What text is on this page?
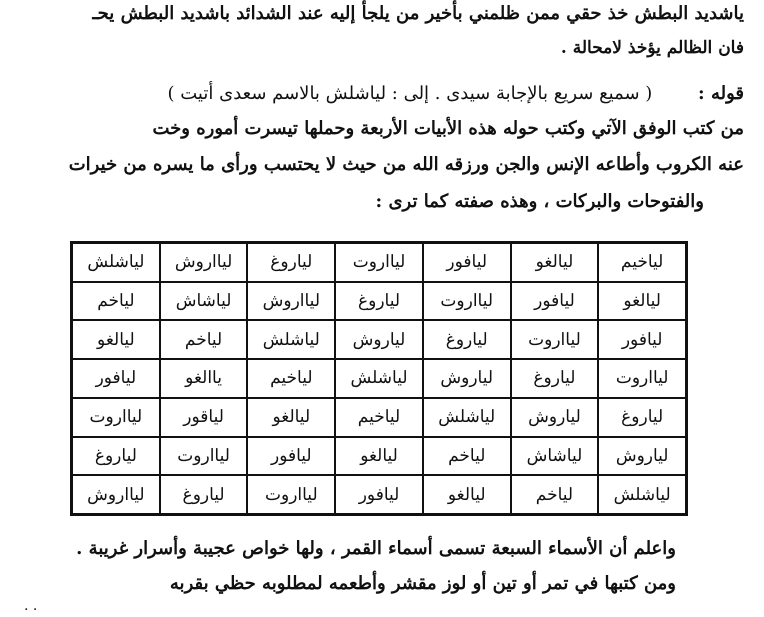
ياشديد البطش خذ حقي ممن ظلمني بأخير من يلجأ إليه عند الشدائد باشديد البطش يحـ
فان الظالم يؤخذ لامحالة .
قوله : ( سميع سريع بالإجابة سيدى . إلى : لياشلش بالاسم سعدى أتيت )
من كتب الوفق الآتي وكتب حوله هذه الأبيات الأربعة وحملها تيسرت أموره وخت
عنه الكروب وأطاعه الإنس والجن ورزقه الله من حيث لا يحتسب ورأى ما يسره من خيرات
والفتوحات والبركات ، وهذه صفته كما ترى :
لياخيم
ليالغو
ليافور
ليااروت
لياروغ
ليااروش
لياشلش
ليالغو
ليافور
ليااروت
لياروغ
ليااروش
لياشاش
لياخم
ليافور
ليااروت
لياروغ
لياروش
لياشلش
لياخم
ليالغو
ليااروت
لياروغ
لياروش
لياشلش
لياخيم
ياالغو
ليافور
لياروغ
لياروش
لياشلش
لياخيم
ليالغو
لياقور
ليااروت
لياروش
لياشاش
لياخم
ليالغو
ليافور
ليااروت
لياروغ
لياشلش
لياخم
ليالغو
ليافور
ليااروت
لياروغ
ليااروش
واعلم أن الأسماء السبعة تسمى أسماء القمر ، ولها خواص عجيبة وأسرار غريبة .
ومن كتبها في تمر أو تين أو لوز مقشر وأطعمه لمطلوبه حظي بقربه
. .
